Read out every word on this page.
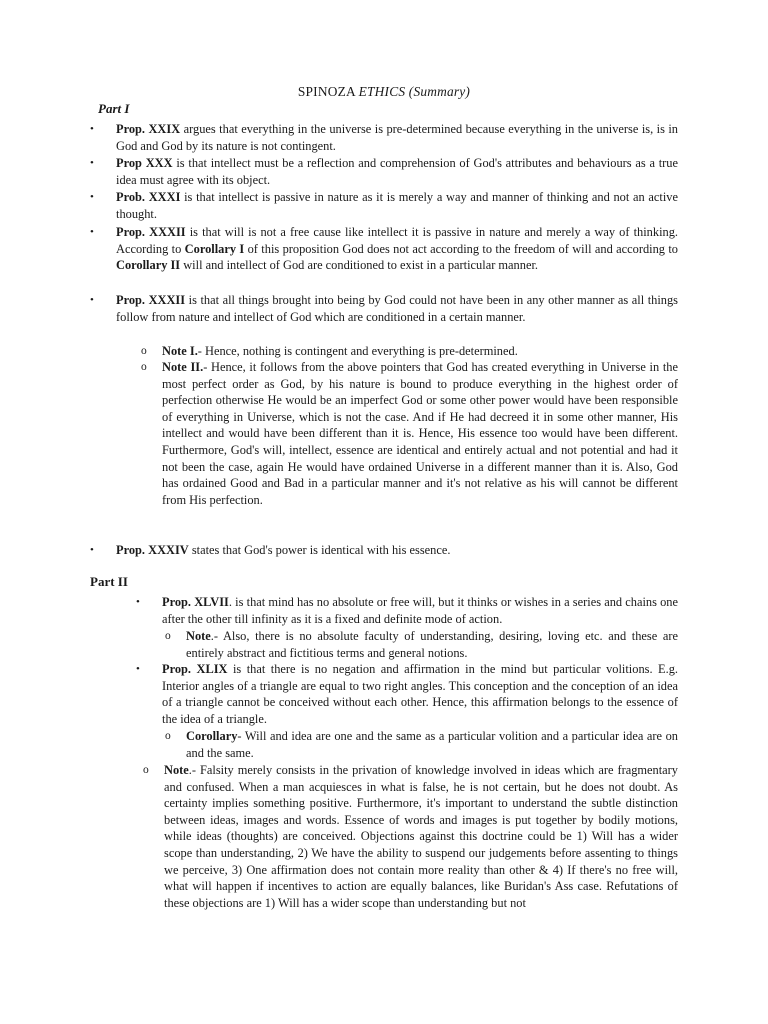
SPINOZA ETHICS (Summary)
Part I
• Prop. XXIX argues that everything in the universe is pre-determined because everything in the universe is, is in God and God by its nature is not contingent.
• Prop XXX is that intellect must be a reflection and comprehension of God's attributes and behaviours as a true idea must agree with its object.
• Prob. XXXI is that intellect is passive in nature as it is merely a way and manner of thinking and not an active thought.
• Prop. XXXII is that will is not a free cause like intellect it is passive in nature and merely a way of thinking. According to Corollary I of this proposition God does not act according to the freedom of will and according to Corollary II will and intellect of God are conditioned to exist in a particular manner.
• Prop. XXXII is that all things brought into being by God could not have been in any other manner as all things follow from nature and intellect of God which are conditioned in a certain manner.
o Note I.- Hence, nothing is contingent and everything is pre-determined.
o Note II.- Hence, it follows from the above pointers that God has created everything in Universe in the most perfect order as God, by his nature is bound to produce everything in the highest order of perfection otherwise He would be an imperfect God or some other power would have been responsible of everything in Universe, which is not the case. And if He had decreed it in some other manner, His intellect and would have been different than it is. Hence, His essence too would have been different. Furthermore, God's will, intellect, essence are identical and entirely actual and not potential and had it not been the case, again He would have ordained Universe in a different manner than it is. Also, God has ordained Good and Bad in a particular manner and it's not relative as his will cannot be different from His perfection.
• Prop. XXXIV states that God's power is identical with his essence.
Part II
• Prop. XLVII. is that mind has no absolute or free will, but it thinks or wishes in a series and chains one after the other till infinity as it is a fixed and definite mode of action.
o Note.- Also, there is no absolute faculty of understanding, desiring, loving etc. and these are entirely abstract and fictitious terms and general notions.
• Prop. XLIX is that there is no negation and affirmation in the mind but particular volitions. E.g. Interior angles of a triangle are equal to two right angles. This conception and the conception of an idea of a triangle cannot be conceived without each other. Hence, this affirmation belongs to the essence of the idea of a triangle.
o Corollary- Will and idea are one and the same as a particular volition and a particular idea are on and the same.
o Note.- Falsity merely consists in the privation of knowledge involved in ideas which are fragmentary and confused. When a man acquiesces in what is false, he is not certain, but he does not doubt. As certainty implies something positive. Furthermore, it's important to understand the subtle distinction between ideas, images and words. Essence of words and images is put together by bodily motions, while ideas (thoughts) are conceived. Objections against this doctrine could be 1) Will has a wider scope than understanding, 2) We have the ability to suspend our judgements before assenting to things we perceive, 3) One affirmation does not contain more reality than other & 4) If there's no free will, what will happen if incentives to action are equally balances, like Buridan's Ass case. Refutations of these objections are 1) Will has a wider scope than understanding but not
